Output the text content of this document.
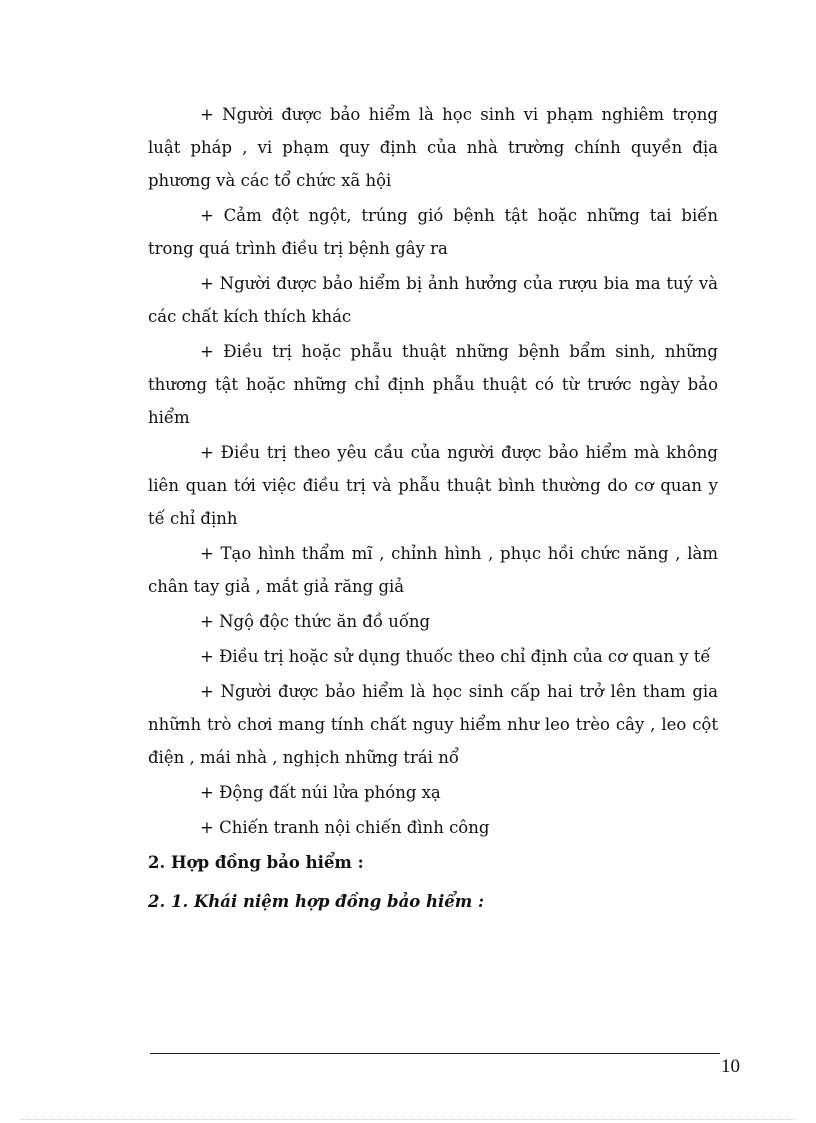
+ Người được bảo hiểm là học sinh vi phạm nghiêm trọng luật pháp , vi phạm quy định của nhà trường chính quyền địa phương và các tổ chức xã hội

+ Cảm đột ngột, trúng gió bệnh tật hoặc những tai biến trong quá trình điều trị bệnh gây ra

+ Người được bảo hiểm bị ảnh hưởng của rượu bia ma tuý và các chất kích thích khác

+ Điều trị hoặc phẫu thuật những bệnh bẩm sinh, những thương tật hoặc những chỉ định phẫu thuật có từ trước ngày bảo hiểm

+ Điều trị theo yêu cầu của người được bảo hiểm mà không liên quan tới việc điều trị và phẫu thuật bình thường do cơ quan y tế chỉ định

+ Tạo hình thẩm mĩ , chỉnh hình , phục hồi chức năng , làm chân tay giả , mắt giả răng giả

+ Ngộ độc thức ăn đồ uống

+ Điều trị hoặc sử dụng thuốc theo chỉ định của cơ quan y tế

+ Người được bảo hiểm là học sinh cấp hai trở lên tham gia nhữnh trò chơi mang tính chất nguy hiểm như leo trèo cây , leo cột điện , mái nhà , nghịch những trái nổ

+ Động đất núi lửa phóng xạ

+ Chiến tranh nội chiến đình công

2. Hợp đồng bảo hiểm :
2. 1. Khái niệm hợp đồng bảo hiểm :
10
